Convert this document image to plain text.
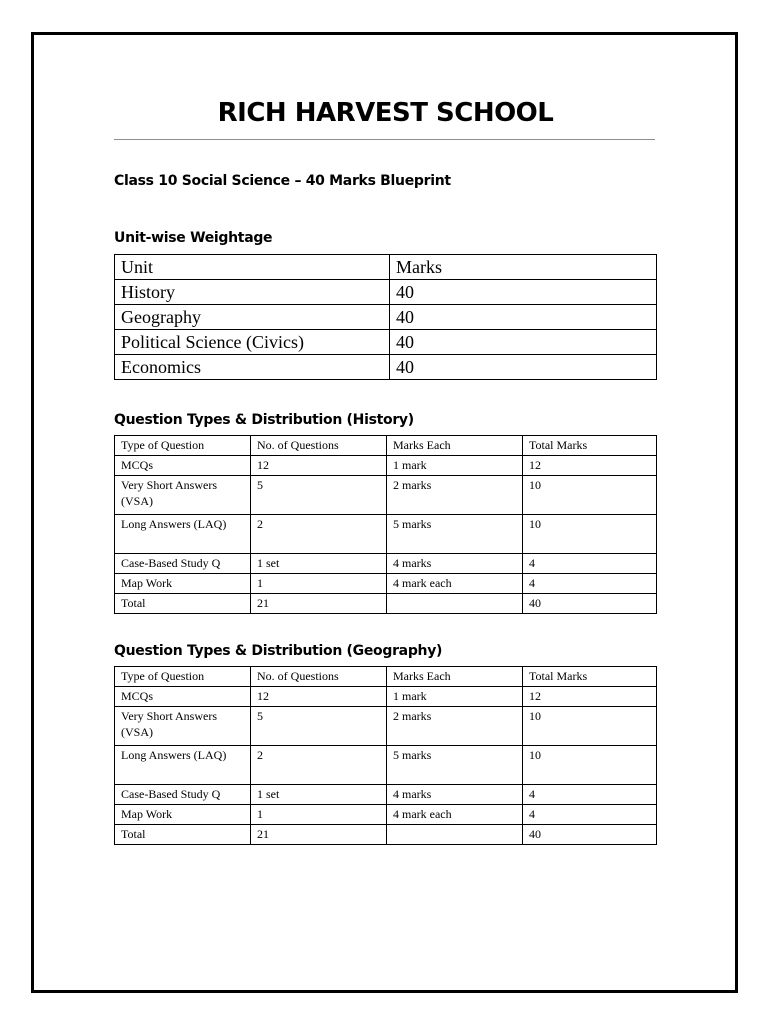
RICH HARVEST SCHOOL
Class 10 Social Science – 40 Marks Blueprint
Unit-wise Weightage
Unit	Marks
History	40
Geography	40
Political Science (Civics)	40
Economics	40
Question Types & Distribution (History)
Type of Question	No. of Questions	Marks Each	Total Marks
MCQs	12	1 mark	12
Very Short Answers (VSA)	5	2 marks	10
Long Answers (LAQ)	2	5 marks	10
Case-Based Study Q	1 set	4 marks	4
Map Work	1	4 mark each	4
Total	21		40
Question Types & Distribution (Geography)
Type of Question	No. of Questions	Marks Each	Total Marks
MCQs	12	1 mark	12
Very Short Answers (VSA)	5	2 marks	10
Long Answers (LAQ)	2	5 marks	10
Case-Based Study Q	1 set	4 marks	4
Map Work	1	4 mark each	4
Total	21		40
